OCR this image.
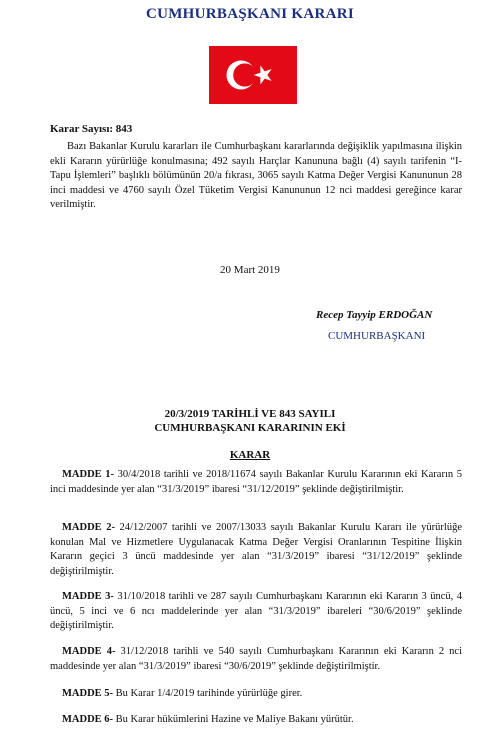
CUMHURBAŞKANI KARARI
Karar Sayısı: 843
Bazı Bakanlar Kurulu kararları ile Cumhurbaşkanı kararlarında değişiklik yapılmasına ilişkin ekli Kararın yürürlüğe konulmasına; 492 sayılı Harçlar Kanununa bağlı (4) sayılı tarifenin “I-Tapu İşlemleri” başlıklı bölümünün 20/a fıkrası, 3065 sayılı Katma Değer Vergisi Kanununun 28 inci maddesi ve 4760 sayılı Özel Tüketim Vergisi Kanununun 12 nci maddesi gereğince karar verilmiştir.
20 Mart 2019
Recep Tayyip ERDOĞAN
CUMHURBAŞKANI
20/3/2019 TARİHLİ VE 843 SAYILI
CUMHURBAŞKANI KARARININ EKİ
KARAR
MADDE 1- 30/4/2018 tarihli ve 2018/11674 sayılı Bakanlar Kurulu Kararının eki Kararın 5 inci maddesinde yer alan “31/3/2019” ibaresi “31/12/2019” şeklinde değiştirilmiştir.
MADDE 2- 24/12/2007 tarihli ve 2007/13033 sayılı Bakanlar Kurulu Kararı ile yürürlüğe konulan Mal ve Hizmetlere Uygulanacak Katma Değer Vergisi Oranlarının Tespitine İlişkin Kararın geçici 3 üncü maddesinde yer alan “31/3/2019” ibaresi “31/12/2019” şeklinde değiştirilmiştir.
MADDE 3- 31/10/2018 tarihli ve 287 sayılı Cumhurbaşkanı Kararının eki Kararın 3 üncü, 4 üncü, 5 inci ve 6 ncı maddelerinde yer alan “31/3/2019” ibareleri “30/6/2019” şeklinde değiştirilmiştir.
MADDE 4- 31/12/2018 tarihli ve 540 sayılı Cumhurbaşkanı Kararının eki Kararın 2 nci maddesinde yer alan “31/3/2019” ibaresi “30/6/2019” şeklinde değiştirilmiştir.
MADDE 5- Bu Karar 1/4/2019 tarihinde yürürlüğe girer.
MADDE 6- Bu Karar hükümlerini Hazine ve Maliye Bakanı yürütür.
